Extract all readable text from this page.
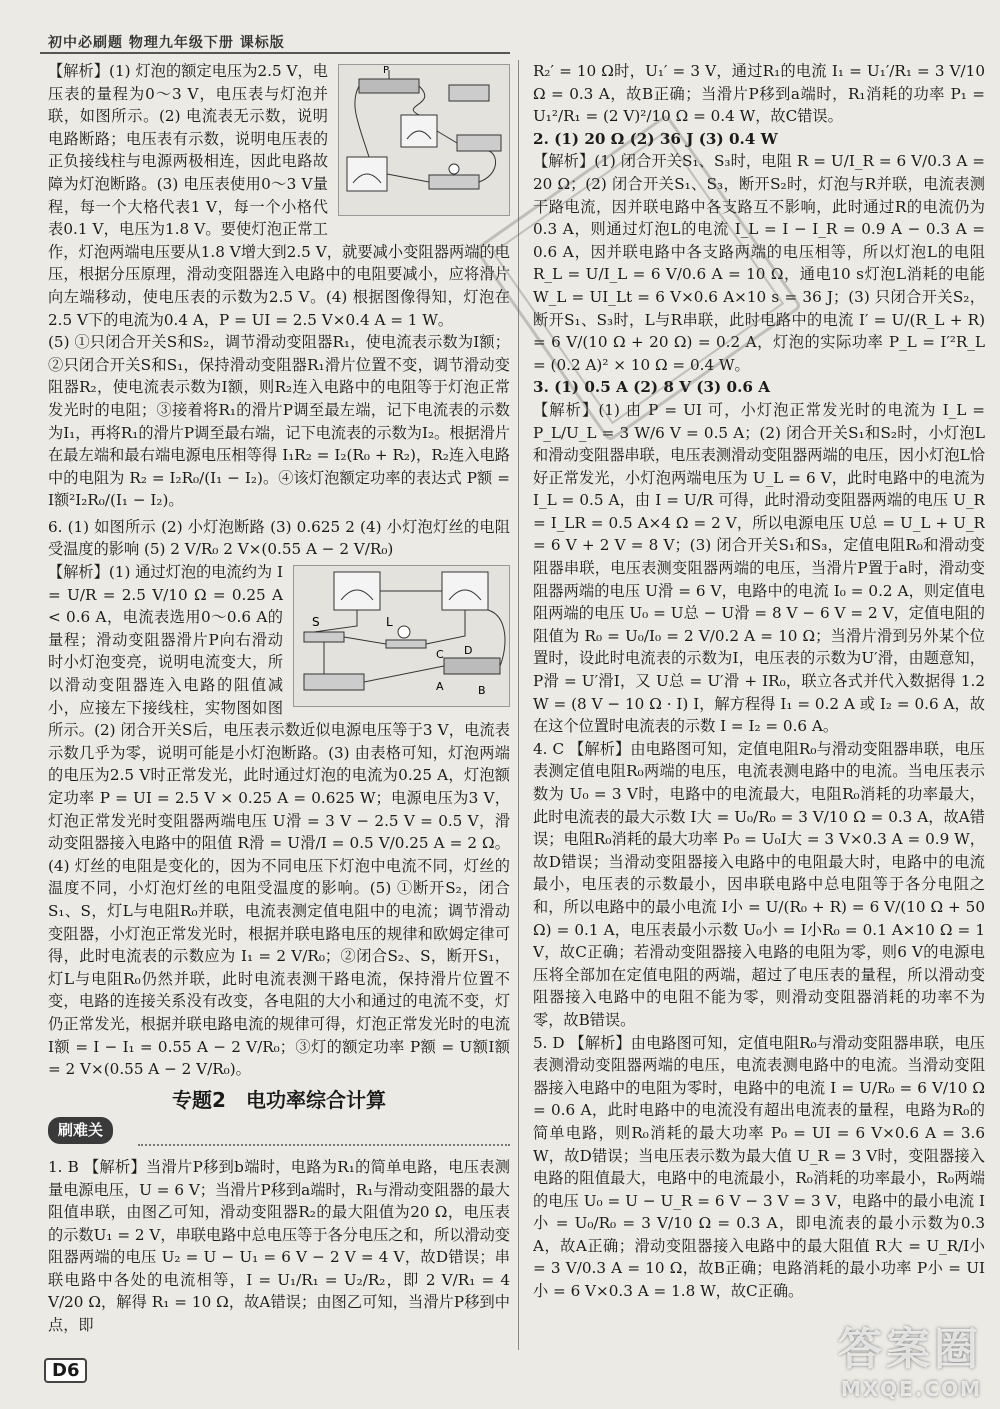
初中必刷题 物理九年级下册 课标版
P

【解析】(1) 灯泡的额定电压为2.5 V，电压表的量程为0～3 V，电压表与灯泡并联，如图所示。(2) 电流表无示数，说明电路断路；电压表有示数，说明电压表的正负接线柱与电源两极相连，因此电路故障为灯泡断路。(3) 电压表使用0～3 V量程，每一个大格代表1 V，每一个小格代表0.1 V，电压为1.8 V。要使灯泡正常工作，灯泡两端电压要从1.8 V增大到2.5 V，就要减小变阻器两端的电压，根据分压原理，滑动变阻器连入电路中的电阻要减小，应将滑片向左端移动，使电压表的示数为2.5 V。(4) 根据图像得知，灯泡在2.5 V下的电流为0.4 A，P = UI = 2.5 V×0.4 A = 1 W。

(5) ①只闭合开关S和S₂，调节滑动变阻器R₁，使电流表示数为I额；②只闭合开关S和S₁，保持滑动变阻器R₁滑片位置不变，调节滑动变阻器R₂，使电流表示数为I额，则R₂连入电路中的电阻等于灯泡正常发光时的电阻；③接着将R₁的滑片P调至最左端，记下电流表的示数为I₁，再将R₁的滑片P调至最右端，记下电流表的示数为I₂。根据滑片在最左端和最右端电源电压相等得 I₁R₂ = I₂(R₀ + R₂)，R₂连入电路中的电阻为 R₂ = I₂R₀/(I₁ − I₂)。④该灯泡额定功率的表达式 P额 = I额²I₂R₀/(I₁ − I₂)。

6. (1) 如图所示 (2) 小灯泡断路 (3) 0.625 2 (4) 小灯泡灯丝的电阻受温度的影响 (5) 2 V/R₀ 2 V×(0.55 A − 2 V/R₀)

S	L
C D
A	B

【解析】(1) 通过灯泡的电流约为 I = U/R = 2.5 V/10 Ω = 0.25 A < 0.6 A，电流表选用0～0.6 A的量程；滑动变阻器滑片P向右滑动时小灯泡变亮，说明电流变大，所以滑动变阻器连入电路的阻值减小，应接左下接线柱，实物图如图所示。(2) 闭合开关S后，电压表示数近似电源电压等于3 V，电流表示数几乎为零，说明可能是小灯泡断路。(3) 由表格可知，灯泡两端的电压为2.5 V时正常发光，此时通过灯泡的电流为0.25 A，灯泡额定功率 P = UI = 2.5 V × 0.25 A = 0.625 W；电源电压为3 V，灯泡正常发光时变阻器两端电压 U滑 = 3 V − 2.5 V = 0.5 V，滑动变阻器接入电路中的阻值 R滑 = U滑/I = 0.5 V/0.25 A = 2 Ω。(4) 灯丝的电阻是变化的，因为不同电压下灯泡中电流不同，灯丝的温度不同，小灯泡灯丝的电阻受温度的影响。(5) ①断开S₂，闭合S₁、S，灯L与电阻R₀并联，电流表测定值电阻中的电流；调节滑动变阻器，小灯泡正常发光时，根据并联电路电压的规律和欧姆定律可得，此时电流表的示数应为 I₁ = 2 V/R₀；②闭合S₂、S，断开S₁，灯L与电阻R₀仍然并联，此时电流表测干路电流，保持滑片位置不变，电路的连接关系没有改变，各电阻的大小和通过的电流不变，灯仍正常发光，根据并联电路电流的规律可得，灯泡正常发光时的电流 I额 = I − I₁ = 0.55 A − 2 V/R₀；③灯的额定功率 P额 = U额I额 = 2 V×(0.55 A − 2 V/R₀)。

专题2　电功率综合计算
刷难关

1. B 【解析】当滑片P移到b端时，电路为R₁的简单电路，电压表测量电源电压，U = 6 V；当滑片P移到a端时，R₁与滑动变阻器的最大阻值串联，由图乙可知，滑动变阻器R₂的最大阻值为20 Ω，电压表的示数U₁ = 2 V，串联电路中总电压等于各分电压之和，所以滑动变阻器两端的电压 U₂ = U − U₁ = 6 V − 2 V = 4 V，故D错误；串联电路中各处的电流相等，I = U₁/R₁ = U₂/R₂，即 2 V/R₁ = 4 V/20 Ω，解得 R₁ = 10 Ω，故A错误；由图乙可知，当滑片P移到中点，即

R₂′ = 10 Ω时，U₁′ = 3 V，通过R₁的电流 I₁ = U₁′/R₁ = 3 V/10 Ω = 0.3 A，故B正确；当滑片P移到a端时，R₁消耗的功率 P₁ = U₁²/R₁ = (2 V)²/10 Ω = 0.4 W，故C错误。

2. (1) 20 Ω (2) 36 J (3) 0.4 W

【解析】(1) 闭合开关S₁、S₃时，电阻 R = U/I_R = 6 V/0.3 A = 20 Ω；(2) 闭合开关S₁、S₃，断开S₂时，灯泡与R并联，电流表测干路电流，因并联电路中各支路互不影响，此时通过R的电流仍为0.3 A，则通过灯泡L的电流 I_L = I − I_R = 0.9 A − 0.3 A = 0.6 A，因并联电路中各支路两端的电压相等，所以灯泡L的电阻 R_L = U/I_L = 6 V/0.6 A = 10 Ω，通电10 s灯泡L消耗的电能 W_L = UI_Lt = 6 V×0.6 A×10 s = 36 J；(3) 只闭合开关S₂，断开S₁、S₃时，L与R串联，此时电路中的电流 I′ = U/(R_L + R) = 6 V/(10 Ω + 20 Ω) = 0.2 A，灯泡的实际功率 P_L = I′²R_L = (0.2 A)² × 10 Ω = 0.4 W。

3. (1) 0.5 A (2) 8 V (3) 0.6 A

【解析】(1) 由 P = UI 可，小灯泡正常发光时的电流为 I_L = P_L/U_L = 3 W/6 V = 0.5 A；(2) 闭合开关S₁和S₂时，小灯泡L和滑动变阻器串联，电压表测滑动变阻器两端的电压，因小灯泡L恰好正常发光，小灯泡两端电压为 U_L = 6 V，此时电路中的电流为 I_L = 0.5 A，由 I = U/R 可得，此时滑动变阻器两端的电压 U_R = I_LR = 0.5 A×4 Ω = 2 V，所以电源电压 U总 = U_L + U_R = 6 V + 2 V = 8 V；(3) 闭合开关S₁和S₃，定值电阻R₀和滑动变阻器串联，电压表测变阻器两端的电压，当滑片P置于a时，滑动变阻器两端的电压 U滑 = 6 V，电路中的电流 I₀ = 0.2 A，则定值电阻两端的电压 U₀ = U总 − U滑 = 8 V − 6 V = 2 V，定值电阻的阻值为 R₀ = U₀/I₀ = 2 V/0.2 A = 10 Ω；当滑片滑到另外某个位置时，设此时电流表的示数为I，电压表的示数为U′滑，由题意知，P滑 = U′滑I，又 U总 = U′滑 + IR₀，联立各式并代入数据得 1.2 W = (8 V − 10 Ω · I) I，解方程得 I₁ = 0.2 A 或 I₂ = 0.6 A，故在这个位置时电流表的示数 I = I₂ = 0.6 A。

4. C 【解析】由电路图可知，定值电阻R₀与滑动变阻器串联，电压表测定值电阻R₀两端的电压，电流表测电路中的电流。当电压表示数为 U₀ = 3 V时，电路中的电流最大，电阻R₀消耗的功率最大，此时电流表的最大示数 I大 = U₀/R₀ = 3 V/10 Ω = 0.3 A，故A错误；电阻R₀消耗的最大功率 P₀ = U₀I大 = 3 V×0.3 A = 0.9 W，故D错误；当滑动变阻器接入电路中的电阻最大时，电路中的电流最小，电压表的示数最小，因串联电路中总电阻等于各分电阻之和，所以电路中的最小电流 I小 = U/(R₀ + R) = 6 V/(10 Ω + 50 Ω) = 0.1 A，电压表最小示数 U₀小 = I小R₀ = 0.1 A×10 Ω = 1 V，故C正确；若滑动变阻器接入电路的电阻为零，则6 V的电源电压将全部加在定值电阻的两端，超过了电压表的量程，所以滑动变阻器接入电路中的电阻不能为零，则滑动变阻器消耗的功率不为零，故B错误。

5. D 【解析】由电路图可知，定值电阻R₀与滑动变阻器串联，电压表测滑动变阻器两端的电压，电流表测电路中的电流。当滑动变阻器接入电路中的电阻为零时，电路中的电流 I = U/R₀ = 6 V/10 Ω = 0.6 A，此时电路中的电流没有超出电流表的量程，电路为R₀的简单电路，则R₀消耗的最大功率 P₀ = UI = 6 V×0.6 A = 3.6 W，故D错误；当电压表示数为最大值 U_R = 3 V时，变阻器接入电路的阻值最大，电路中的电流最小，R₀消耗的功率最小，R₀两端的电压 U₀ = U − U_R = 6 V − 3 V = 3 V，电路中的最小电流 I小 = U₀/R₀ = 3 V/10 Ω = 0.3 A，即电流表的最小示数为0.3 A，故A正确；滑动变阻器接入电路中的最大阻值 R大 = U_R/I小 = 3 V/0.3 A = 10 Ω，故B正确；电路消耗的最小功率 P小 = UI小 = 6 V×0.3 A = 1.8 W，故C正确。

D6	答案圈
MXQE.COM
